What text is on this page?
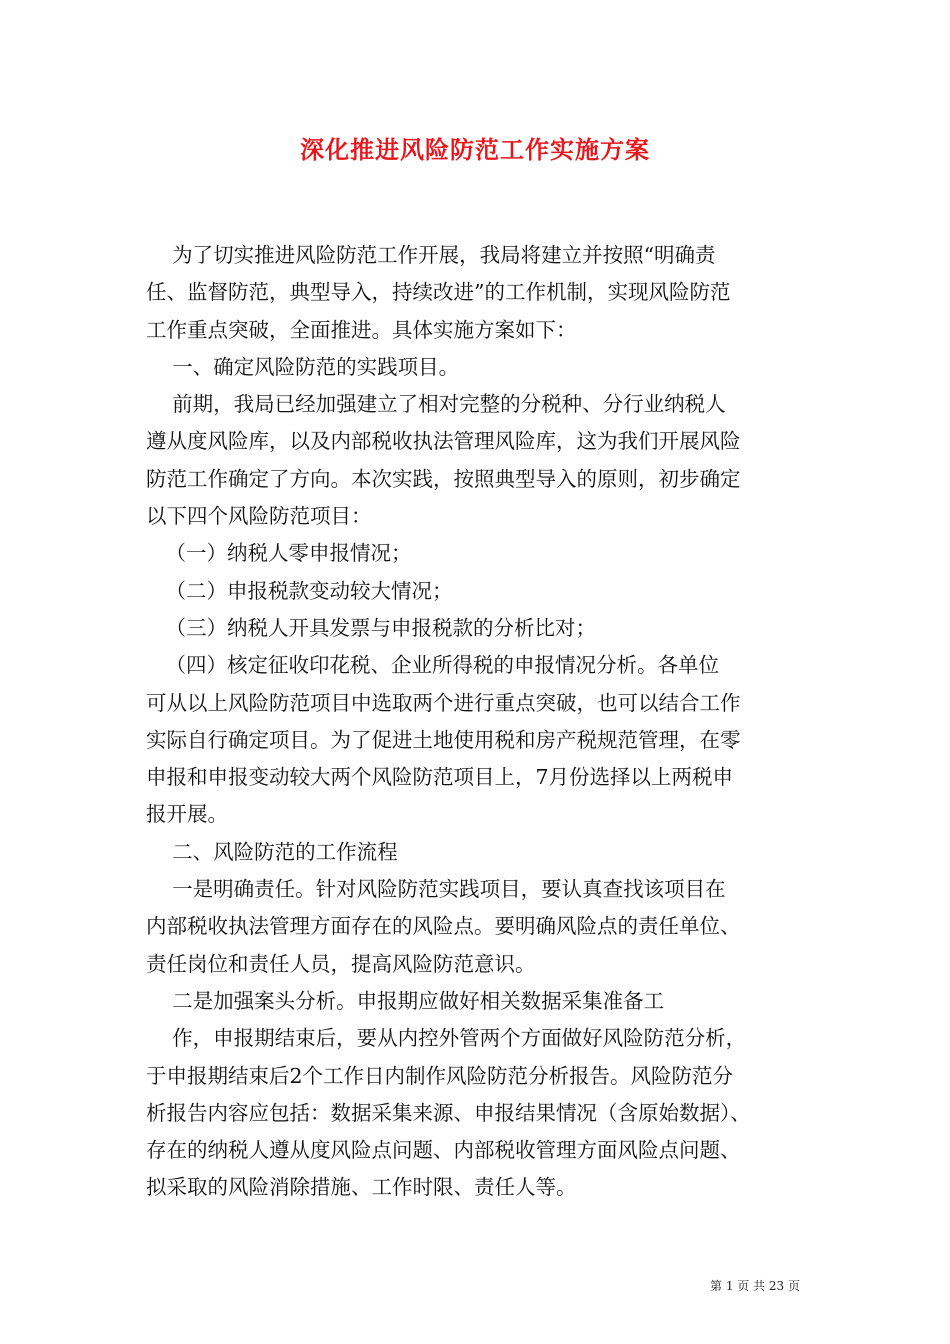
深化推进风险防范工作实施方案
为了切实推进风险防范工作开展，我局将建立并按照“明确责
任、监督防范，典型导入，持续改进”的工作机制，实现风险防范
工作重点突破，全面推进。具体实施方案如下：
一、确定风险防范的实践项目。
前期，我局已经加强建立了相对完整的分税种、分行业纳税人
遵从度风险库，以及内部税收执法管理风险库，这为我们开展风险
防范工作确定了方向。本次实践，按照典型导入的原则，初步确定
以下四个风险防范项目：
（一）纳税人零申报情况；
（二）申报税款变动较大情况；
（三）纳税人开具发票与申报税款的分析比对；
（四）核定征收印花税、企业所得税的申报情况分析。各单位
可从以上风险防范项目中选取两个进行重点突破，也可以结合工作
实际自行确定项目。为了促进土地使用税和房产税规范管理，在零
申报和申报变动较大两个风险防范项目上，7月份选择以上两税申
报开展。
二、风险防范的工作流程
一是明确责任。针对风险防范实践项目，要认真查找该项目在
内部税收执法管理方面存在的风险点。要明确风险点的责任单位、
责任岗位和责任人员，提高风险防范意识。
二是加强案头分析。申报期应做好相关数据采集准备工
作，申报期结束后，要从内控外管两个方面做好风险防范分析，
于申报期结束后2个工作日内制作风险防范分析报告。风险防范分
析报告内容应包括：数据采集来源、申报结果情况（含原始数据）、
存在的纳税人遵从度风险点问题、内部税收管理方面风险点问题、
拟采取的风险消除措施、工作时限、责任人等。
第 1 页 共 23 页
